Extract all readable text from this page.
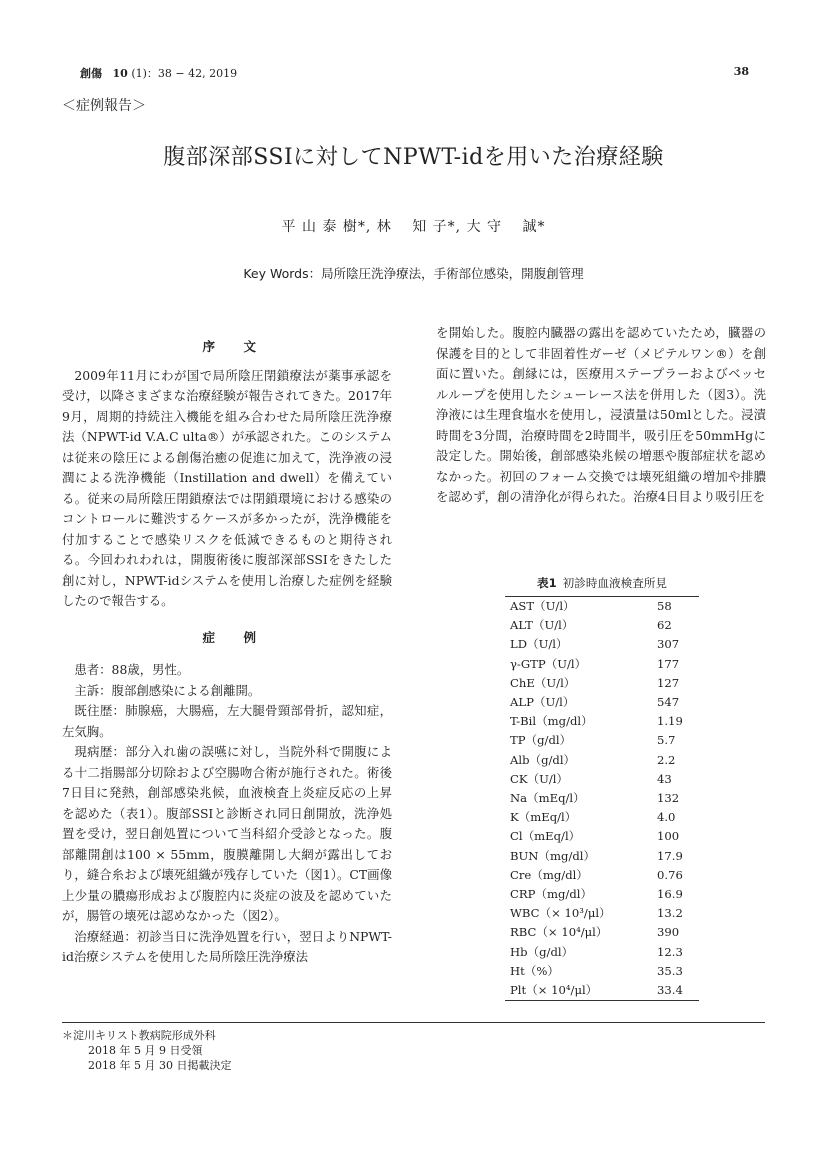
創傷 10 (1)：38 − 42, 2019	38
＜症例報告＞
腹部深部SSIに対してNPWT-idを用いた治療経験
平 山 泰 樹*, 林　 知 子*, 大 守　 誠*
Key Words：局所陰圧洗浄療法，手術部位感染，開腹創管理

序　文

2009年11月にわが国で局所陰圧閉鎖療法が薬事承認を受け，以降さまざまな治療経験が報告されてきた。2017年9月，周期的持続注入機能を組み合わせた局所陰圧洗浄療法（NPWT-id V.A.C ulta®）が承認された。このシステムは従来の陰圧による創傷治癒の促進に加えて，洗浄液の浸潤による洗浄機能（Instillation and dwell）を備えている。従来の局所陰圧閉鎖療法では閉鎖環境における感染のコントロールに難渋するケースが多かったが，洗浄機能を付加することで感染リスクを低減できるものと期待される。今回われわれは，開腹術後に腹部深部SSIをきたした創に対し，NPWT-idシステムを使用し治療した症例を経験したので報告する。

症　例

患者：88歳，男性。

主訴：腹部創感染による創離開。

既往歴：肺腺癌，大腸癌，左大腿骨頸部骨折，認知症，左気胸。

現病歴：部分入れ歯の誤嚥に対し，当院外科で開腹による十二指腸部分切除および空腸吻合術が施行された。術後7日目に発熱，創部感染兆候，血液検査上炎症反応の上昇を認めた（表1）。腹部SSIと診断され同日創開放，洗浄処置を受け，翌日創処置について当科紹介受診となった。腹部離開創は100 × 55mm，腹膜離開し大網が露出しており，縫合糸および壊死組織が残存していた（図1）。CT画像上少量の膿瘍形成および腹腔内に炎症の波及を認めていたが，腸管の壊死は認めなかった（図2）。

治療経過：初診当日に洗浄処置を行い，翌日よりNPWT-id治療システムを使用した局所陰圧洗浄療法

を開始した。腹腔内臓器の露出を認めていたため，臓器の保護を目的として非固着性ガーゼ（メピテルワン®）を創面に置いた。創縁には，医療用ステープラーおよびベッセルループを使用したシューレース法を併用した（図3）。洗浄液には生理食塩水を使用し，浸漬量は50mlとした。浸漬時間を3分間，治療時間を2時間半，吸引圧を50mmHgに設定した。開始後，創部感染兆候の増悪や腹部症状を認めなかった。初回のフォーム交換では壊死組織の増加や排膿を認めず，創の清浄化が得られた。治療4日目より吸引圧を

表1 初診時血液検査所見
AST（U/l）	58
ALT（U/l）	62
LD（U/l）	307
γ-GTP（U/l）	177
ChE（U/l）	127
ALP（U/l）	547
T-Bil（mg/dl）	1.19
TP（g/dl）	5.7
Alb（g/dl）	2.2
CK（U/l）	43
Na（mEq/l）	132
K（mEq/l）	4.0
Cl（mEq/l）	100
BUN（mg/dl）	17.9
Cre（mg/dl）	0.76
CRP（mg/dl）	16.9
WBC（× 10³/μl）	13.2
RBC（× 10⁴/μl）	390
Hb（g/dl）	12.3
Ht（%）	35.3
Plt（× 10⁴/μl）	33.4
＊淀川キリスト教病院形成外科
2018 年 5 月 9 日受領
2018 年 5 月 30 日掲載決定
